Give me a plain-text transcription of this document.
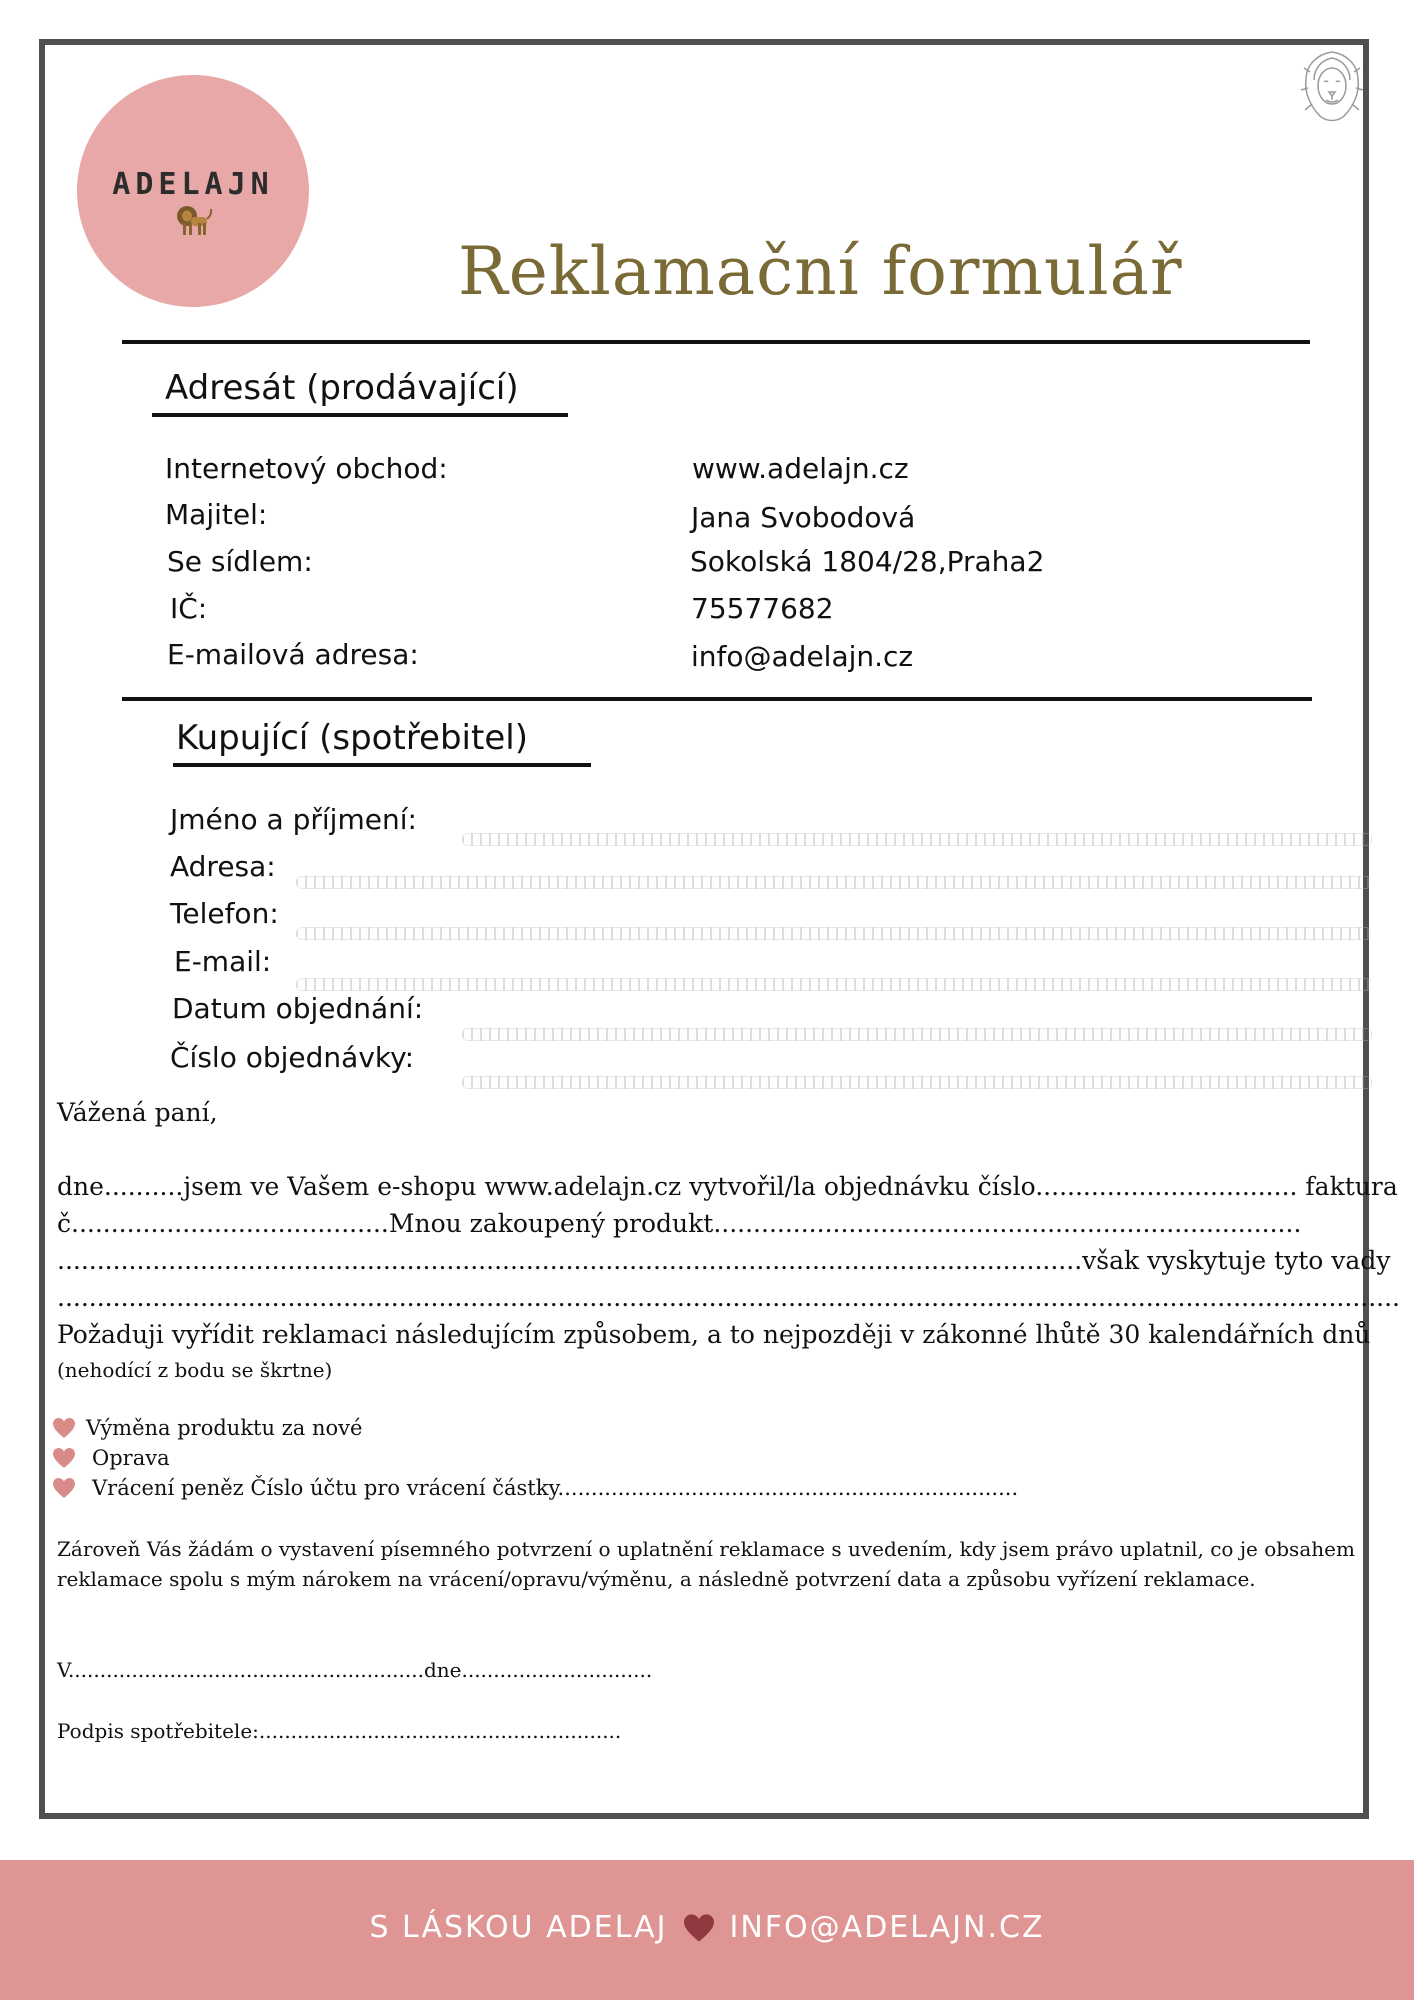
ADELAJN
Reklamační formulář
Adresát (prodávající)
Internetový obchod:	www.adelajn.cz
Majitel:	Jana Svobodová
Se sídlem:	Sokolská 1804/28,Praha2
IČ:	75577682
E-mailová adresa:	info@adelajn.cz
Kupující (spotřebitel)
Jméno a příjmení:
Adresa:
Telefon:
E-mail:
Datum objednání:
Číslo objednávky:
Vážená paní,
dne..........jsem ve Vašem e-shopu www.adelajn.cz vytvořil/la objednávku číslo................................. faktura
č........................................Mnou zakoupený produkt..........................................................................
.................................................................................................................................však vyskytuje tyto vady
.........................................................................................................................................................................
Požaduji vyřídit reklamaci následujícím způsobem, a to nejpozději v zákonné lhůtě 30 kalendářních dnů
(nehodící z bodu se škrtne)
Výměna produktu za nové
Oprava
Vrácení peněz Číslo účtu pro vrácení částky.....................................................................
Zároveň Vás žádám o vystavení písemného potvrzení o uplatnění reklamace s uvedením, kdy jsem právo uplatnil, co je obsahem
reklamace spolu s mým nárokem na vrácení/opravu/výměnu, a následně potvrzení data a způsobu vyřízení reklamace.
V........................................................dne..............................
Podpis spotřebitele:.........................................................
S LÁSKOU ADELAJ INFO@ADELAJN.CZ
